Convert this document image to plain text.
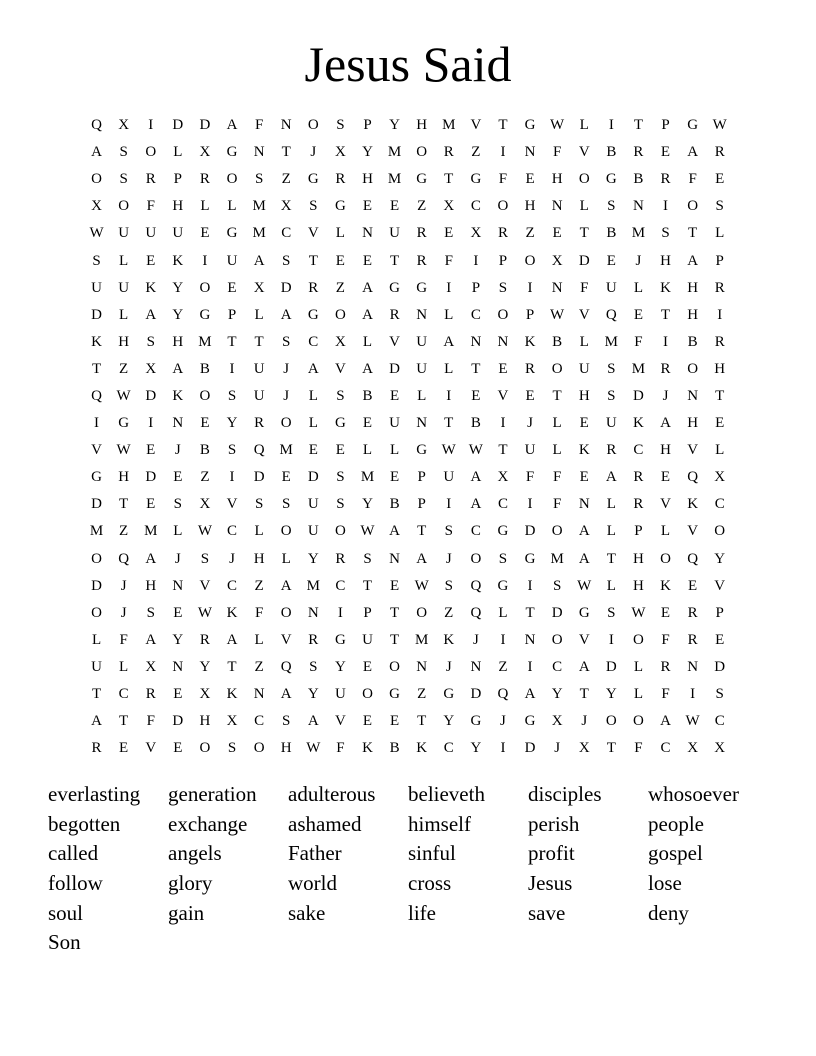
Jesus Said
Q	X	I	D	D	A	F	N	O	S	P	Y	H	M	V	T	G W	L	I	T	P	G W
A	S	O	L	X	G	N	T	J	X	Y	M	O	R	Z	I	N	F	V	B	R	E	A	R
O	S	R	P	R	O	S	Z	G	R	H	M	G	T	G	F	E	H	O	G	B	R	F	E
X	O	F	H	L	L	M	X	S	G	E	E	Z	X	C	O	H	N	L	S	N	I	O	S
W U	U	U	E	G	M	C	V	L	N	U	R	E	X	R	Z	E	T	B	M	S	T	L
S	L	E	K	I	U	A	S	T	E	E	T	R	F	I	P	O	X	D	E	J	H	A	P
U	U	K	Y	O	E	X	D	R	Z	A	G	G	I	P	S	I	N	F	U	L	K	H	R
D	L	A	Y	G	P	L	A	G	O	A	R	N	L	C	O	P	W V	Q	E	T	H	I
K	H	S	H	M	T	T	S	C	X	L	V	U	A	N	N	K	B	L	M	F	I	B	R
T	Z	X	A	B	I	U	J	A	V	A	D	U	L	T	E	R	O	U	S	M	R	O	H
Q W D	K	O	S	U	J	L	S	B	E	L	I	E	V	E	T	H	S	D	J	N	T
I	G	I	N	E	Y	R	O	L	G	E	U	N	T	B	I	J	L	E	U	K	A	H	E
V W	E	J	B	S	Q	M	E	E	L	L	G W W	T	U	L	K	R	C	H	V	L
G	H	D	E	Z	I	D	E	D	S	M	E	P	U	A	X	F	F	E	A	R	E	Q	X
D	T	E	S	X	V	S	S	U	S	Y	B	P	I	A	C	I	F	N	L	R	V	K	C
M	Z	M	L	W	C	L	O	U	O W A	T	S	C	G	D	O	A	L	P	L	V	O
O	Q	A	J	S	J	H	L	Y	R	S	N	A	J	O	S	G	M	A	T	H	O	Q	Y
D	J	H	N	V	C	Z	A	M	C	T	E	W	S	Q	G	I	S	W	L	H	K	E	V
O	J	S	E	W K	F	O	N	I	P	T	O	Z	Q	L	T	D	G	S	W	E	R	P
L	F	A	Y	R	A	L	V	R	G	U	T	M	K	J	I	N	O	V	I	O	F	R	E
U	L	X	N	Y	T	Z	Q	S	Y	E	O	N	J	N	Z	I	C	A	D	L	R	N	D
T	C	R	E	X	K	N	A	Y	U	O	G	Z	G	D	Q	A	Y	T	Y	L	F	I	S
A	T	F	D	H	X	C	S	A	V	E	E	T	Y	G	J	G	X	J	O	O	A W	C
R	E	V	E	O	S	O	H W	F	K	B	K	C	Y	I	D	J	X	T	F	C	X	X
everlasting	generation	adulterous	believeth	disciples	whosoever
begotten	exchange	ashamed	himself	perish	people
called	angels	Father	sinful	profit	gospel
follow	glory	world	cross	Jesus	lose
soul	gain	sake	life	save	deny
Son
